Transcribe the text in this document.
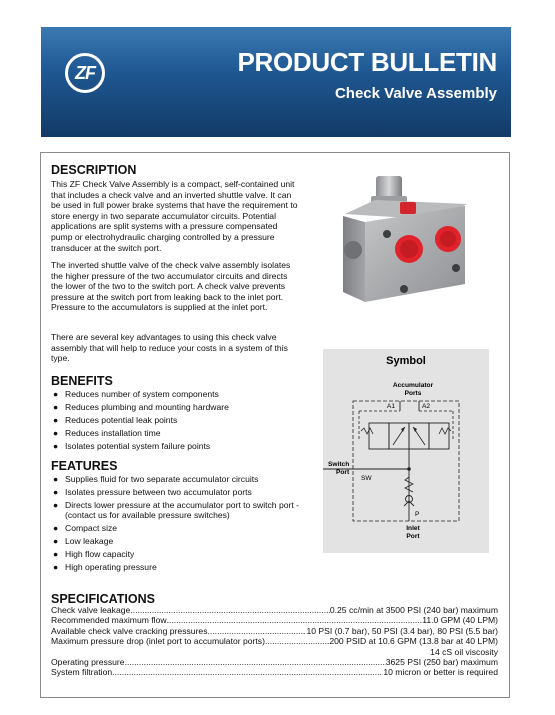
ZF	PRODUCT BULLETIN
Check Valve Assembly
DESCRIPTION

This ZF Check Valve Assembly is a compact, self-contained unit that includes a check valve and an inverted shuttle valve. It can be used in full power brake systems that have the requirement to store energy in two separate accumulator circuits. Potential applications are split systems with a pressure compensated pump or electrohydraulic charging controlled by a pressure transducer at the switch port.

The inverted shuttle valve of the check valve assembly isolates the higher pressure of the two accumulator circuits and directs the lower of the two to the switch port. A check valve prevents pressure at the switch port from leaking back to the inlet port. Pressure to the accumulators is supplied at the inlet port.

There are several key advantages to using this check valve assembly that will help to reduce your costs in a system of this type.

BENEFITS
● Reduces number of system components
● Reduces plumbing and mounting hardware
● Reduces potential leak points
● Reduces installation time
● Isolates potential system failure points
FEATURES
● Supplies fluid for two separate accumulator circuits
● Isolates pressure between two accumulator ports
● Directs lower pressure at the accumulator port to switch port - (contact us for available pressure switches)
● Compact size
● Low leakage
● High flow capacity
● High operating pressure
Symbol
Accumulator
Ports
A1	A2
Switch
Port
SW
P
Inlet
Port
SPECIFICATIONS
Check valve leakage .....	0.25 cc/min at 3500 PSI (240 bar) maximum
Recommended maximum flow .....	11.0 GPM (40 LPM)
Available check valve cracking pressures .....	10 PSI (0.7 bar), 50 PSI (3.4 bar), 80 PSI (5.5 bar)
Maximum pressure drop (inlet port to accumulator ports) .....	200 PSID at 10.6 GPM (13.8 bar at 40 LPM)
14 cS oil viscosity
Operating pressure .....	3625 PSI (250 bar) maximum
System filtration .....	10 micron or better is required
